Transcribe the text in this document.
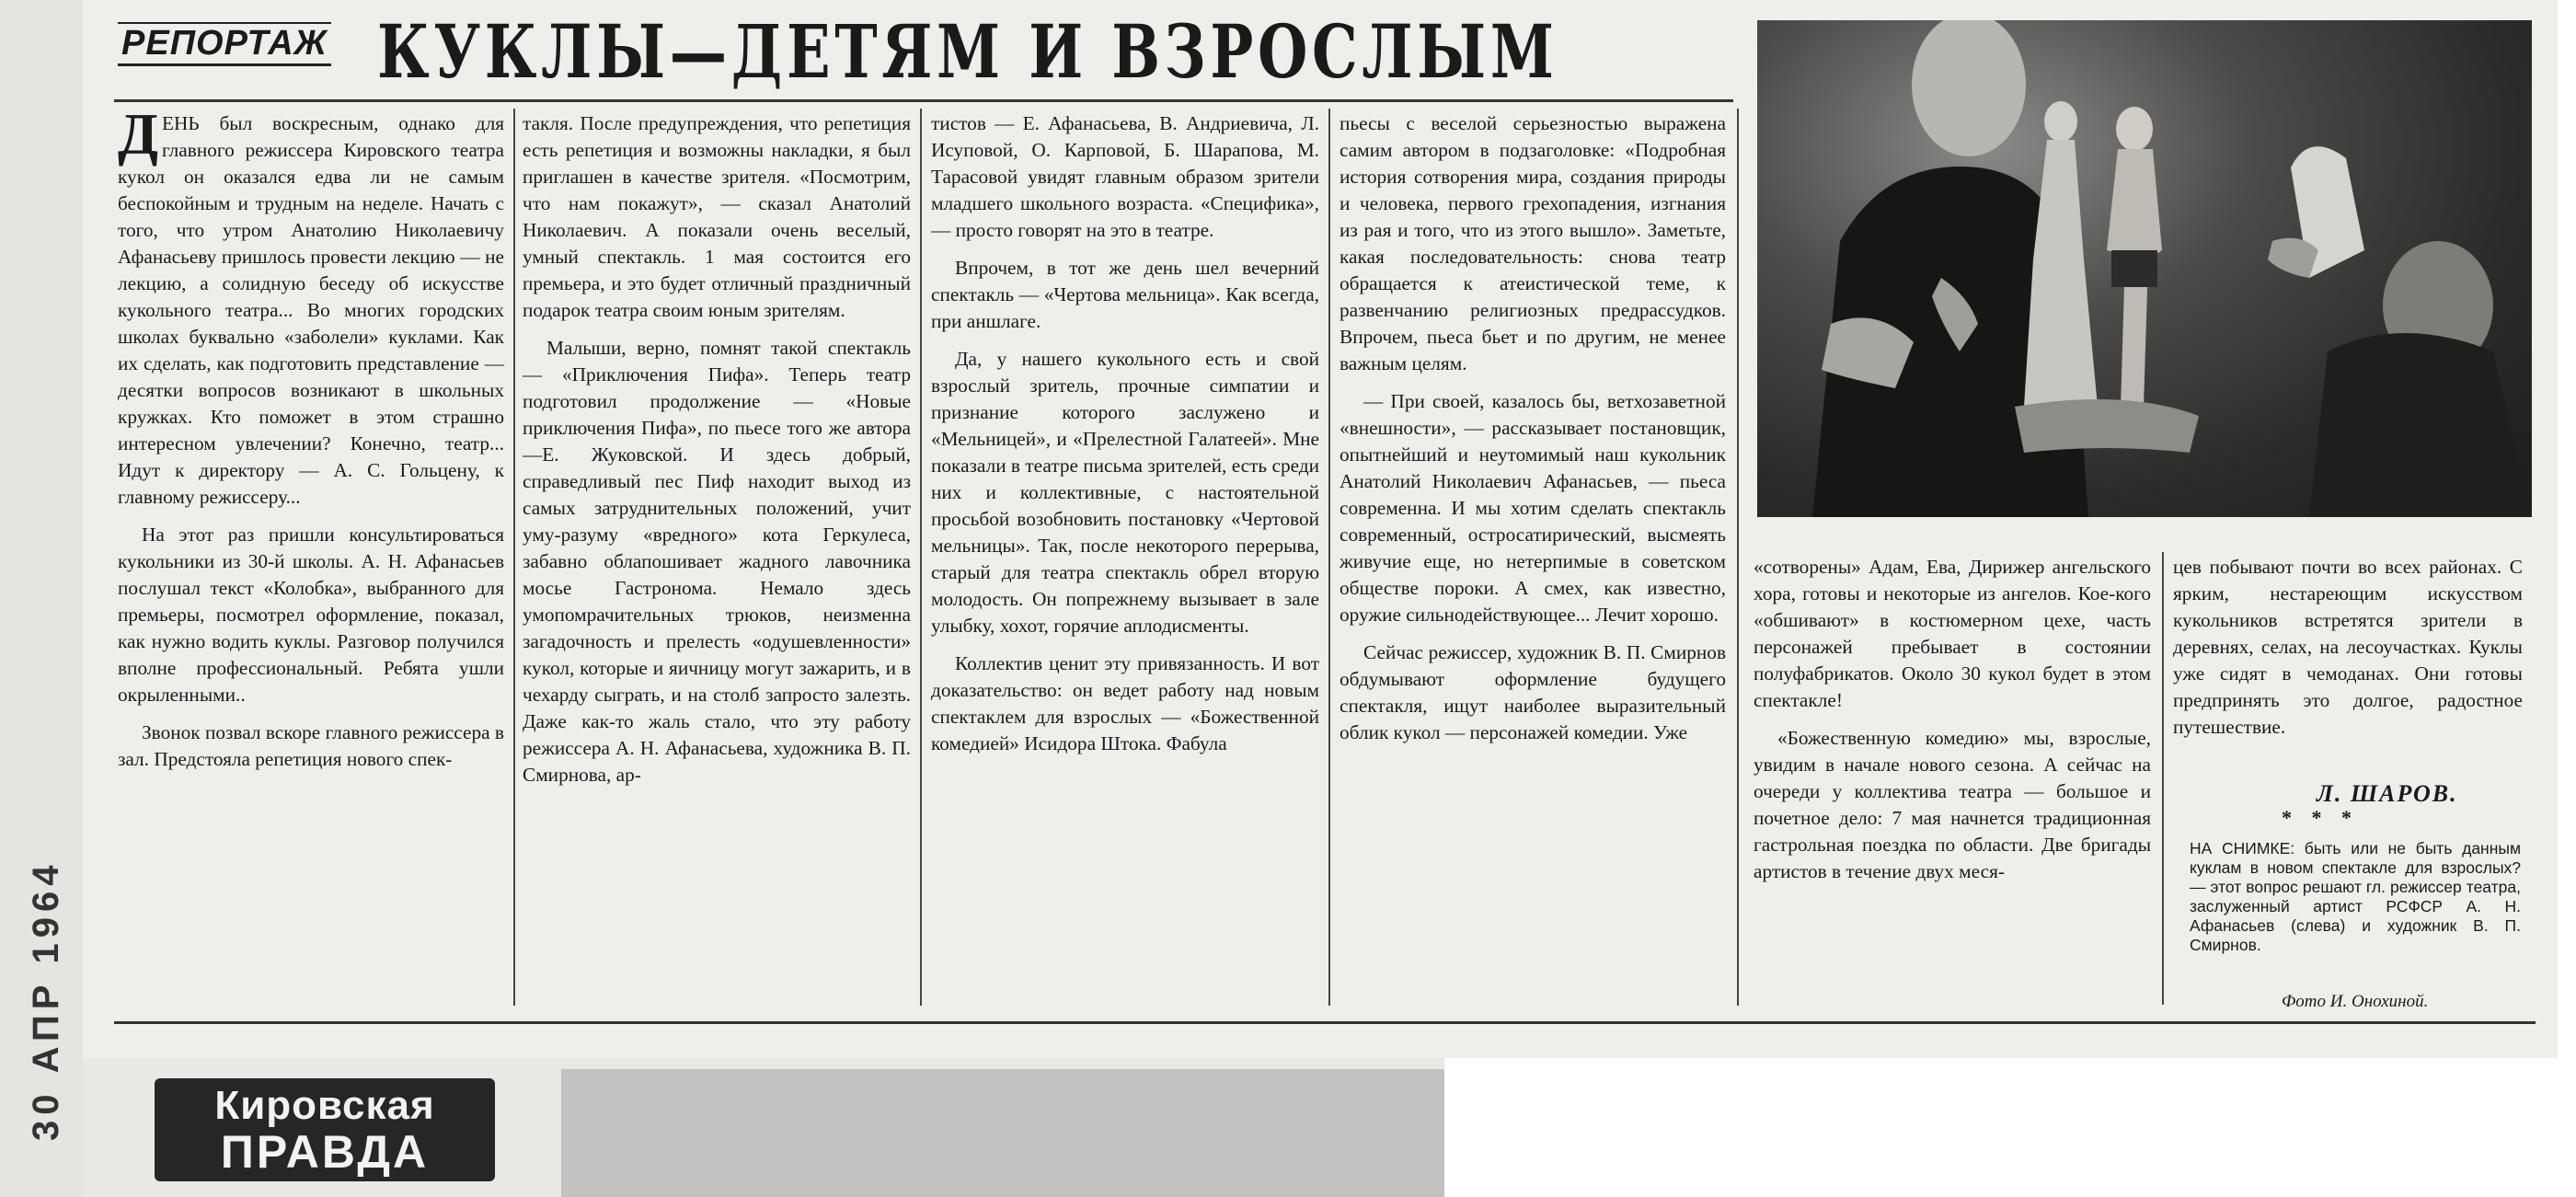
30 АПР 1964	Кировская
ПРАВДА
РЕПОРТАЖ КУКЛЫ—ДЕТЯМ И ВЗРОСЛЫМ

ДЕНЬ был воскресным, однако для главного режиссера Кировского театра кукол он оказался едва ли не самым беспокойным и трудным на неделе. Начать с того, что утром Анатолию Николаевичу Афанасьеву пришлось провести лекцию — не лекцию, а солидную беседу об искусстве кукольного театра... Во многих городских школах буквально «заболели» куклами. Как их сделать, как подготовить представление — десятки вопросов возникают в школьных кружках. Кто поможет в этом страшно интересном увлечении? Конечно, театр... Идут к директору — А. С. Гольцену, к главному режиссеру...

На этот раз пришли консультироваться кукольники из 30-й школы. А. Н. Афанасьев послушал текст «Колобка», выбранного для премьеры, посмотрел оформление, показал, как нужно водить куклы. Разговор получился вполне профессиональный. Ребята ушли окрыленными..

Звонок позвал вскоре главного режиссера в зал. Предстояла репетиция нового спек-

такля. После предупреждения, что репетиция есть репетиция и возможны накладки, я был приглашен в качестве зрителя. «Посмотрим, что нам покажут», — сказал Анатолий Николаевич. А показали очень веселый, умный спектакль. 1 мая состоится его премьера, и это будет отличный праздничный подарок театра своим юным зрителям.

Малыши, верно, помнят такой спектакль — «Приключения Пифа». Теперь театр подготовил продолжение — «Новые приключения Пифа», по пьесе того же автора—Е. Жуковской. И здесь добрый, справедливый пес Пиф находит выход из самых затруднительных положений, учит уму-разуму «вредного» кота Геркулеса, забавно облапошивает жадного лавочника мосье Гастронома. Немало здесь умопомрачительных трюков, неизменна загадочность и прелесть «одушевленности» кукол, которые и яичницу могут зажарить, и в чехарду сыграть, и на столб запросто залезть. Даже как-то жаль стало, что эту работу режиссера А. Н. Афанасьева, художника В. П. Смирнова, ар-

тистов — Е. Афанасьева, В. Андриевича, Л. Исуповой, О. Карповой, Б. Шарапова, М. Тарасовой увидят главным образом зрители младшего школьного возраста. «Специфика», — просто говорят на это в театре.

Впрочем, в тот же день шел вечерний спектакль — «Чертова мельница». Как всегда, при аншлаге.

Да, у нашего кукольного есть и свой взрослый зритель, прочные симпатии и признание которого заслужено и «Мельницей», и «Прелестной Галатеей». Мне показали в театре письма зрителей, есть среди них и коллективные, с настоятельной просьбой возобновить постановку «Чертовой мельницы». Так, после некоторого перерыва, старый для театра спектакль обрел вторую молодость. Он попрежнему вызывает в зале улыбку, хохот, горячие аплодисменты.

Коллектив ценит эту привязанность. И вот доказательство: он ведет работу над новым спектаклем для взрослых — «Божественной комедией» Исидора Штока. Фабула

пьесы с веселой серьезностью выражена самим автором в подзаголовке: «Подробная история сотворения мира, создания природы и человека, первого грехопадения, изгнания из рая и того, что из этого вышло». Заметьте, какая последовательность: снова театр обращается к атеистической теме, к развенчанию религиозных предрассудков. Впрочем, пьеса бьет и по другим, не менее важным целям.

— При своей, казалось бы, ветхозаветной «внешности», — рассказывает постановщик, опытнейший и неутомимый наш кукольник Анатолий Николаевич Афанасьев, — пьеса современна. И мы хотим сделать спектакль современный, остросатирический, высмеять живучие еще, но нетерпимые в советском обществе пороки. А смех, как известно, оружие сильнодействующее... Лечит хорошо.

Сейчас режиссер, художник В. П. Смирнов обдумывают оформление будущего спектакля, ищут наиболее выразительный облик кукол — персонажей комедии. Уже

«сотворены» Адам, Ева, Дирижер ангельского хора, готовы и некоторые из ангелов. Кое-кого «обшивают» в костюмерном цехе, часть персонажей пребывает в состоянии полуфабрикатов. Около 30 кукол будет в этом спектакле!

«Божественную комедию» мы, взрослые, увидим в начале нового сезона. А сейчас на очереди у коллектива театра — большое и почетное дело: 7 мая начнется традиционная гастрольная поездка по области. Две бригады артистов в течение двух меся-

цев побывают почти во всех районах. С ярким, нестареющим искусством кукольников встретятся зрители в деревнях, селах, на лесоучастках. Куклы уже сидят в чемоданах. Они готовы предпринять это долгое, радостное путешествие.

Л. ШАРОВ.
* * *
НА СНИМКЕ: быть или не быть данным куклам в новом спектакле для взрослых? — этот вопрос решают гл. режиссер театра, заслуженный артист РСФСР А. Н. Афанасьев (слева) и художник В. П. Смирнов.
Фото И. Онохиной.
